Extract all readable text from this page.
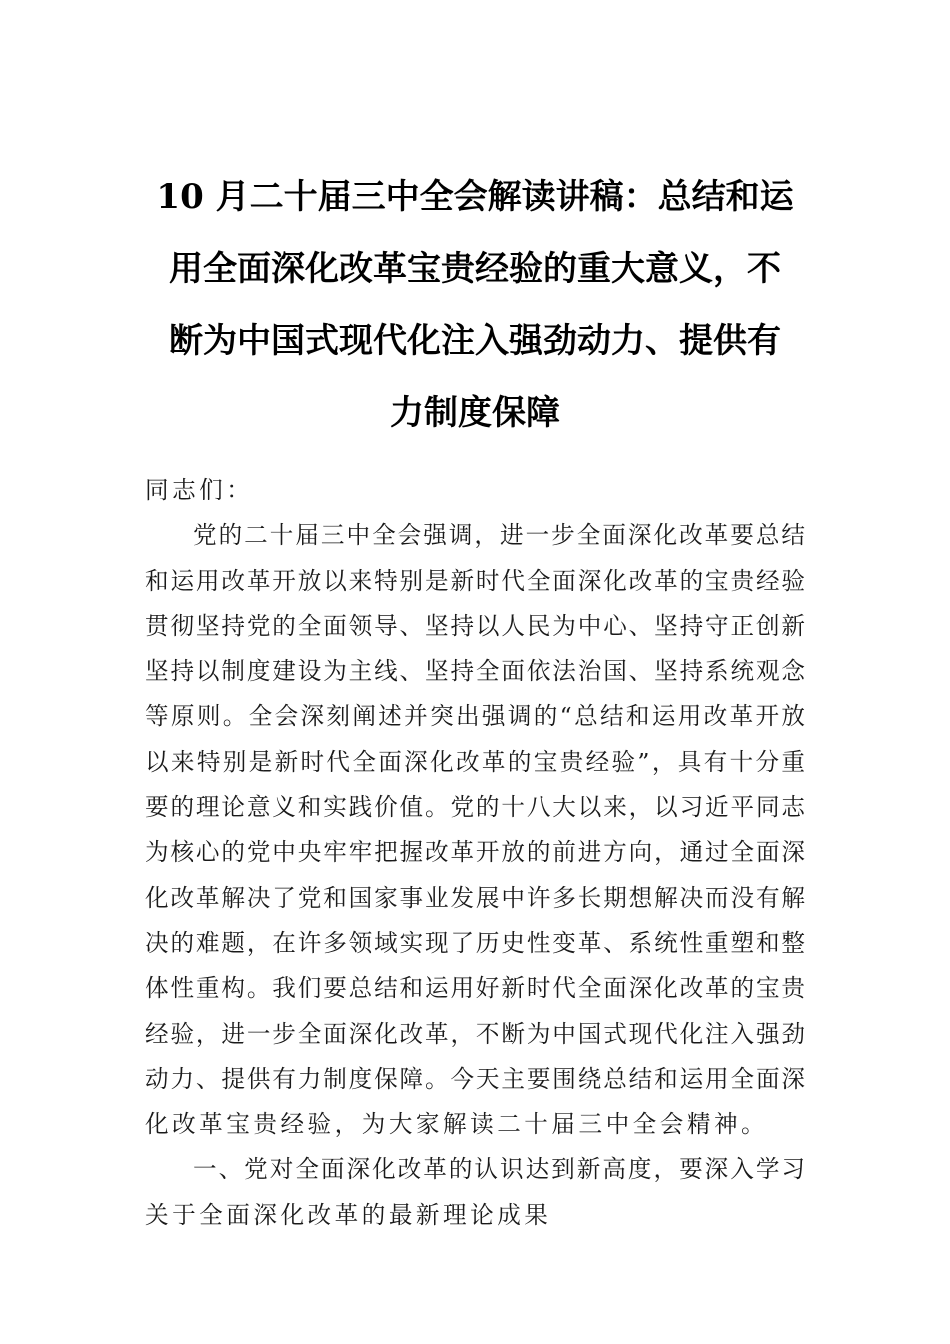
10 月二十届三中全会解读讲稿：总结和运
用全面深化改革宝贵经验的重大意义，不
断为中国式现代化注入强劲动力、提供有
力制度保障
同志们：
党的二十届三中全会强调，进一步全面深化改革要总结
和运用改革开放以来特别是新时代全面深化改革的宝贵经验
贯彻坚持党的全面领导、坚持以人民为中心、坚持守正创新
坚持以制度建设为主线、坚持全面依法治国、坚持系统观念
等原则。全会深刻阐述并突出强调的“总结和运用改革开放
以来特别是新时代全面深化改革的宝贵经验”，具有十分重
要的理论意义和实践价值。党的十八大以来，以习近平同志
为核心的党中央牢牢把握改革开放的前进方向，通过全面深
化改革解决了党和国家事业发展中许多长期想解决而没有解
决的难题，在许多领域实现了历史性变革、系统性重塑和整
体性重构。我们要总结和运用好新时代全面深化改革的宝贵
经验，进一步全面深化改革，不断为中国式现代化注入强劲
动力、提供有力制度保障。今天主要围绕总结和运用全面深
化改革宝贵经验，为大家解读二十届三中全会精神。
一、党对全面深化改革的认识达到新高度，要深入学习
关于全面深化改革的最新理论成果
